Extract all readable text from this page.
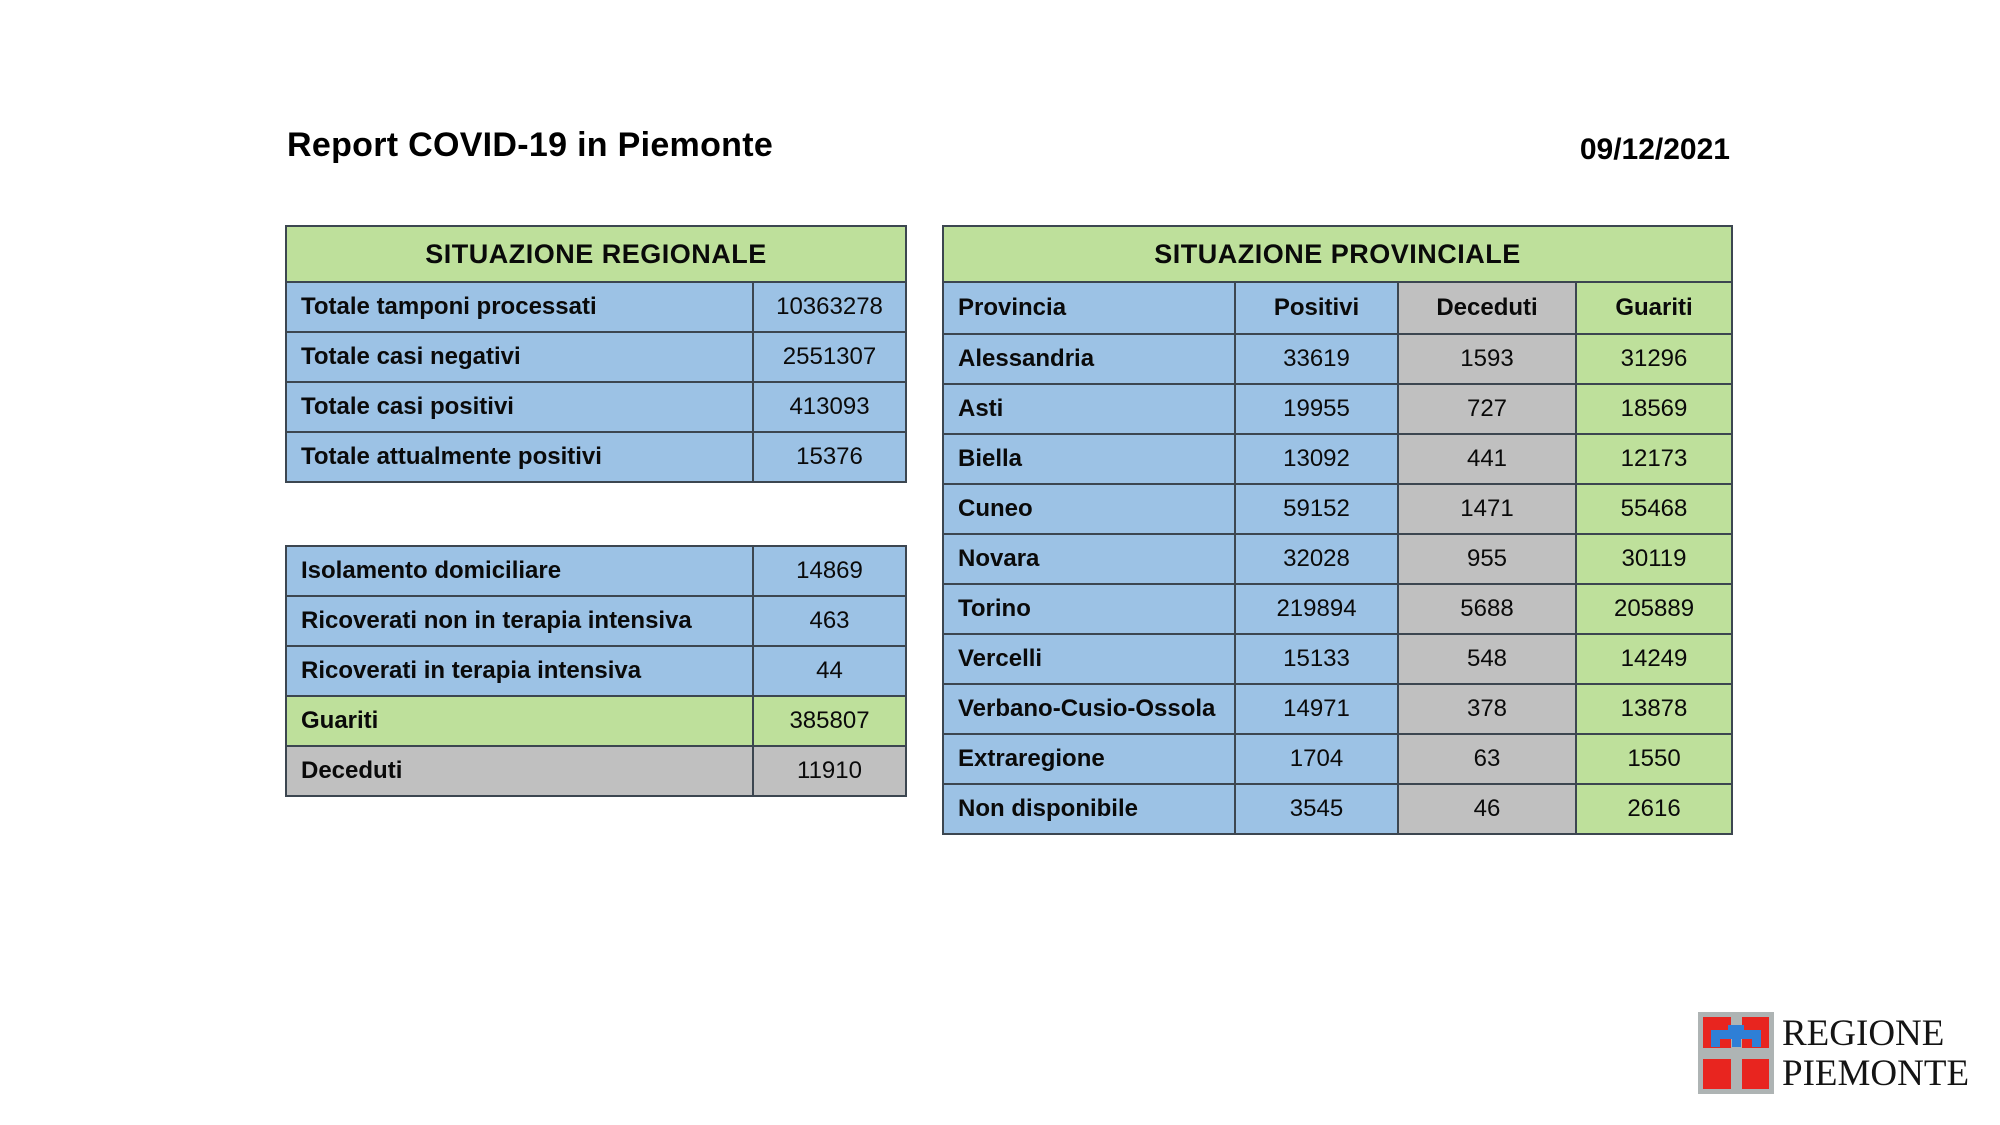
Report COVID-19 in Piemonte	09/12/2021
SITUAZIONE REGIONALE	
Totale tamponi processati	10363278
Totale casi negativi	2551307
Totale casi positivi	413093
Totale attualmente positivi	15376
Isolamento domiciliare	14869
Ricoverati non in terapia intensiva	463
Ricoverati in terapia intensiva	44
Guariti	385807
Deceduti	11910
SITUAZIONE PROVINCIALE			
Provincia	Positivi	Deceduti	Guariti
Alessandria	33619	1593	31296
Asti	19955	727	18569
Biella	13092	441	12173
Cuneo	59152	1471	55468
Novara	32028	955	30119
Torino	219894	5688	205889
Vercelli	15133	548	14249
Verbano-Cusio-Ossola	14971	378	13878
Extraregione	1704	63	1550
Non disponibile	3545	46	2616
REGIONE
PIEMONTE
